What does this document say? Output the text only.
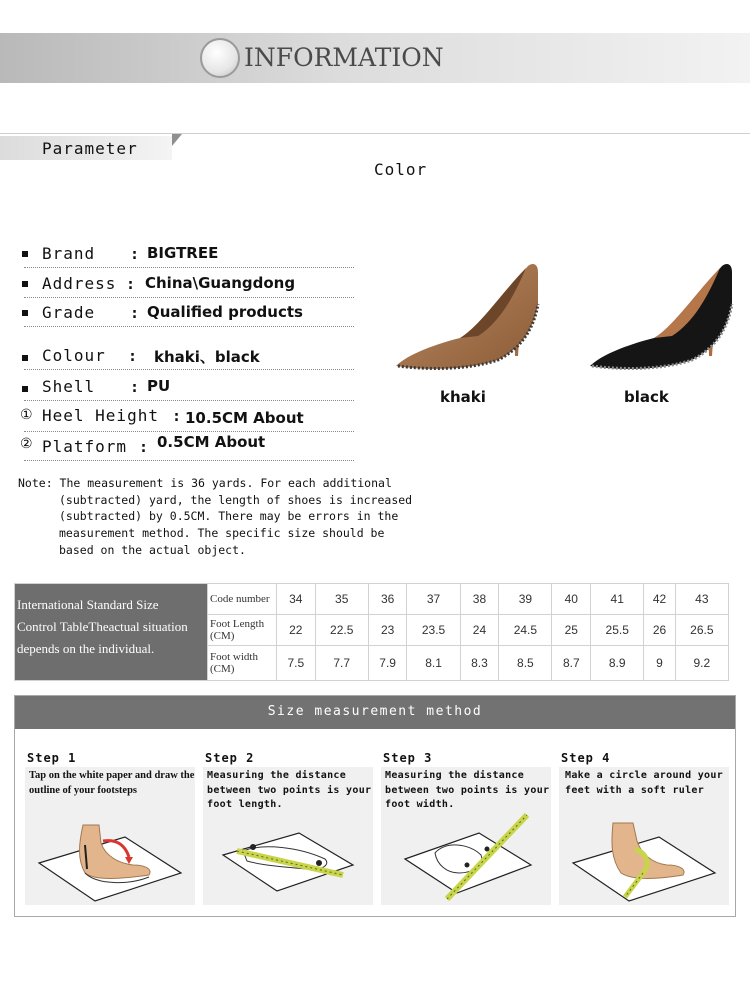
INFORMATION
Parameter
Color
Brand : BIGTREE
Address : China\Guangdong
Grade : Qualified products
Colour : khaki、black
Shell : PU
① Heel Height : 10.5CM About
② Platform : 0.5CM About
khaki	black
Note: The measurement is 36 yards. For each additional
(subtracted) yard, the length of shoes is increased
(subtracted) by 0.5CM. There may be errors in the
measurement method. The specific size should be
based on the actual object.
International Standard Size
Control TableTheactual situation
depends on the individual.	Code number	34	35	36	37	38	39	40	41	42	43
	Foot Length (CM)	22	22.5	23	23.5	24	24.5	25	25.5	26	26.5
	Foot width (CM)	7.5	7.7	7.9	8.1	8.3	8.5	8.7	8.9	9	9.2
Size measurement method
Step 1
Tap on the white paper and draw the outline of your footsteps
Step 2
Measuring the distance between two points is your foot length.
Step 3
Measuring the distance between two points is your foot width.
Step 4
Make a circle around your feet with a soft ruler
